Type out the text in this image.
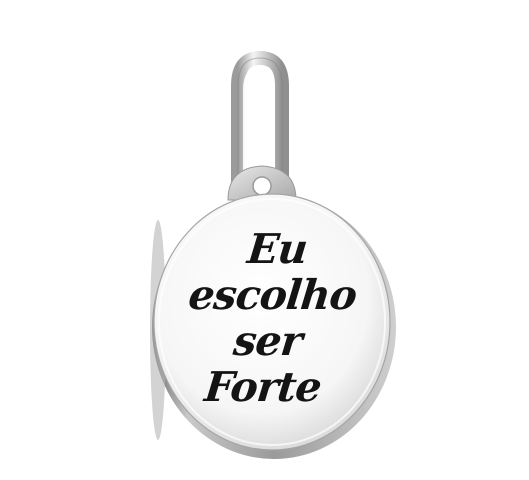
Eu
escolho
ser
Forte
